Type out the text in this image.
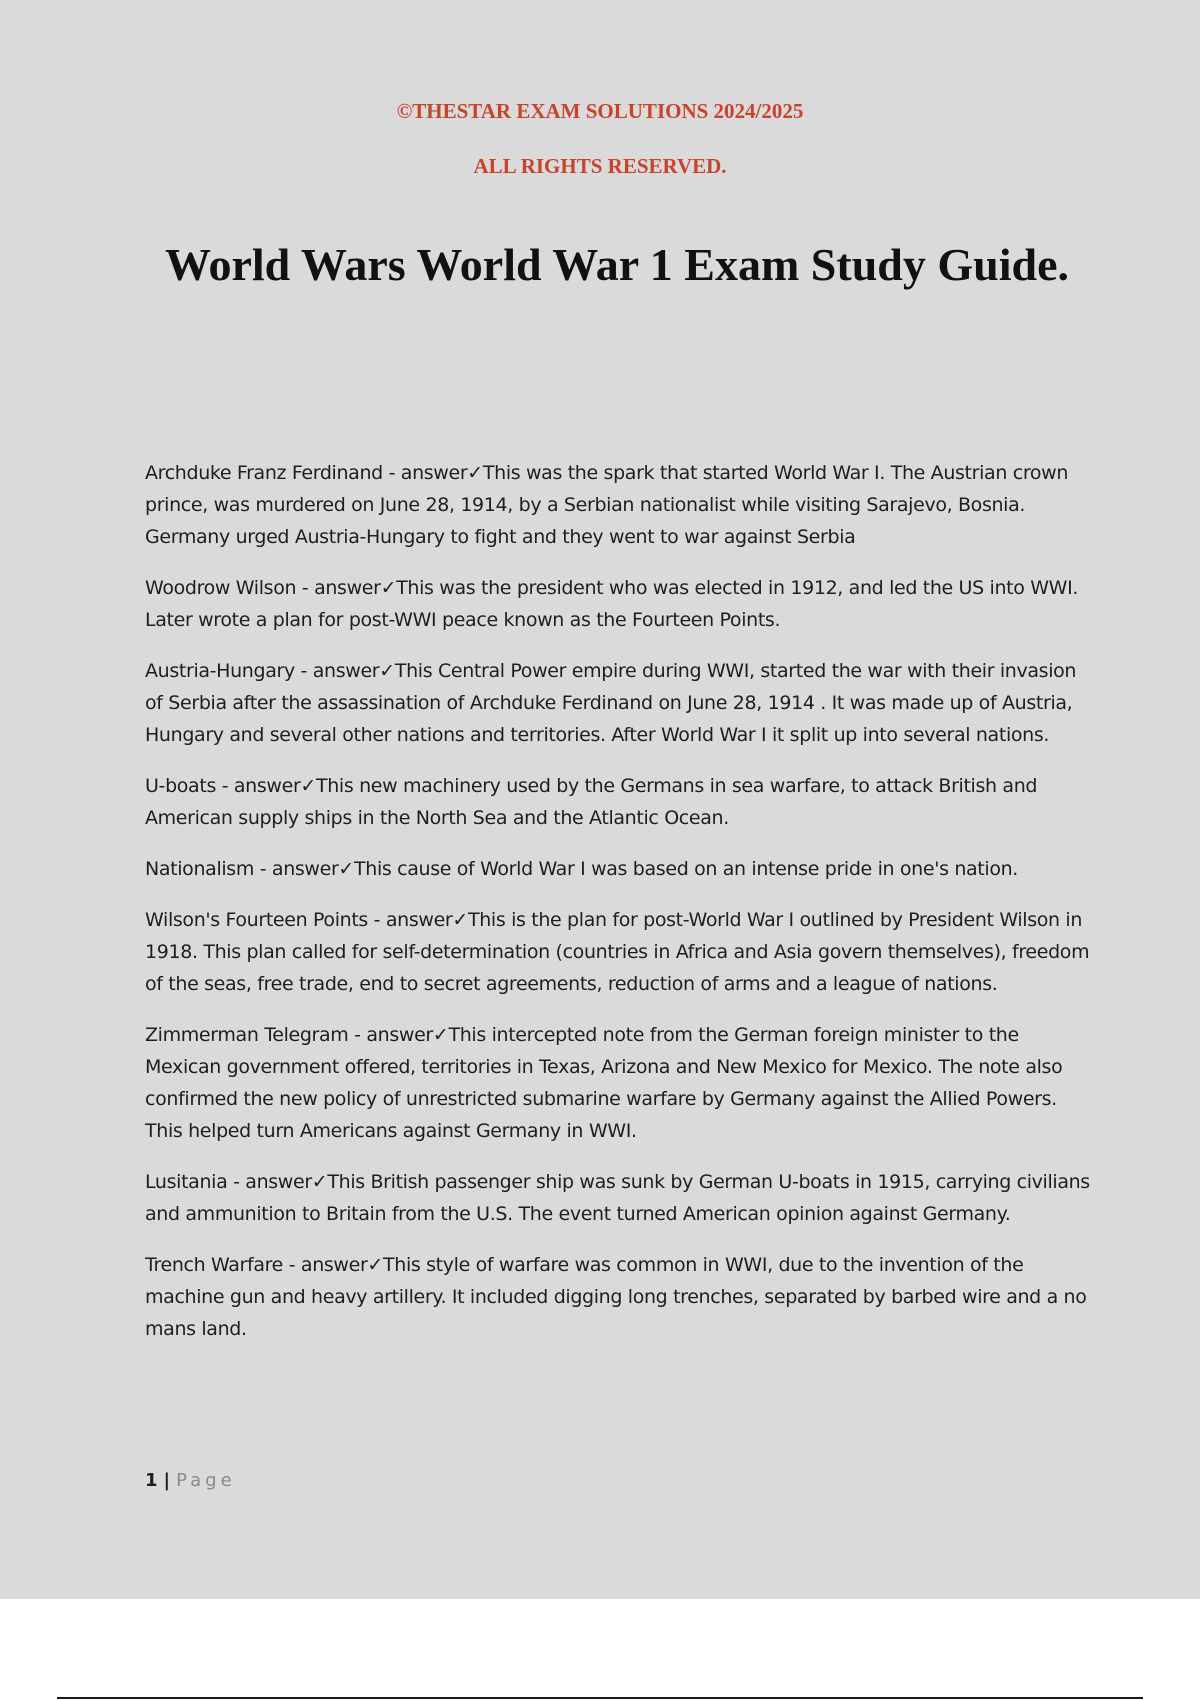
©THESTAR EXAM SOLUTIONS 2024/2025

ALL RIGHTS RESERVED.

World Wars World War 1 Exam Study Guide.

Archduke Franz Ferdinand - answer✓This was the spark that started World War I. The Austrian crown prince, was murdered on June 28, 1914, by a Serbian nationalist while visiting Sarajevo, Bosnia. Germany urged Austria-Hungary to fight and they went to war against Serbia

Woodrow Wilson - answer✓This was the president who was elected in 1912, and led the US into WWI. Later wrote a plan for post-WWI peace known as the Fourteen Points.

Austria-Hungary - answer✓This Central Power empire during WWI, started the war with their invasion of Serbia after the assassination of Archduke Ferdinand on June 28, 1914 . It was made up of Austria, Hungary and several other nations and territories. After World War I it split up into several nations.

U-boats - answer✓This new machinery used by the Germans in sea warfare, to attack British and American supply ships in the North Sea and the Atlantic Ocean.

Nationalism - answer✓This cause of World War I was based on an intense pride in one's nation.

Wilson's Fourteen Points - answer✓This is the plan for post-World War I outlined by President Wilson in 1918. This plan called for self-determination (countries in Africa and Asia govern themselves), freedom of the seas, free trade, end to secret agreements, reduction of arms and a league of nations.

Zimmerman Telegram - answer✓This intercepted note from the German foreign minister to the Mexican government offered, territories in Texas, Arizona and New Mexico for Mexico. The note also confirmed the new policy of unrestricted submarine warfare by Germany against the Allied Powers. This helped turn Americans against Germany in WWI.

Lusitania - answer✓This British passenger ship was sunk by German U-boats in 1915, carrying civilians and ammunition to Britain from the U.S. The event turned American opinion against Germany.

Trench Warfare - answer✓This style of warfare was common in WWI, due to the invention of the machine gun and heavy artillery. It included digging long trenches, separated by barbed wire and a no mans land.

1 | Page
